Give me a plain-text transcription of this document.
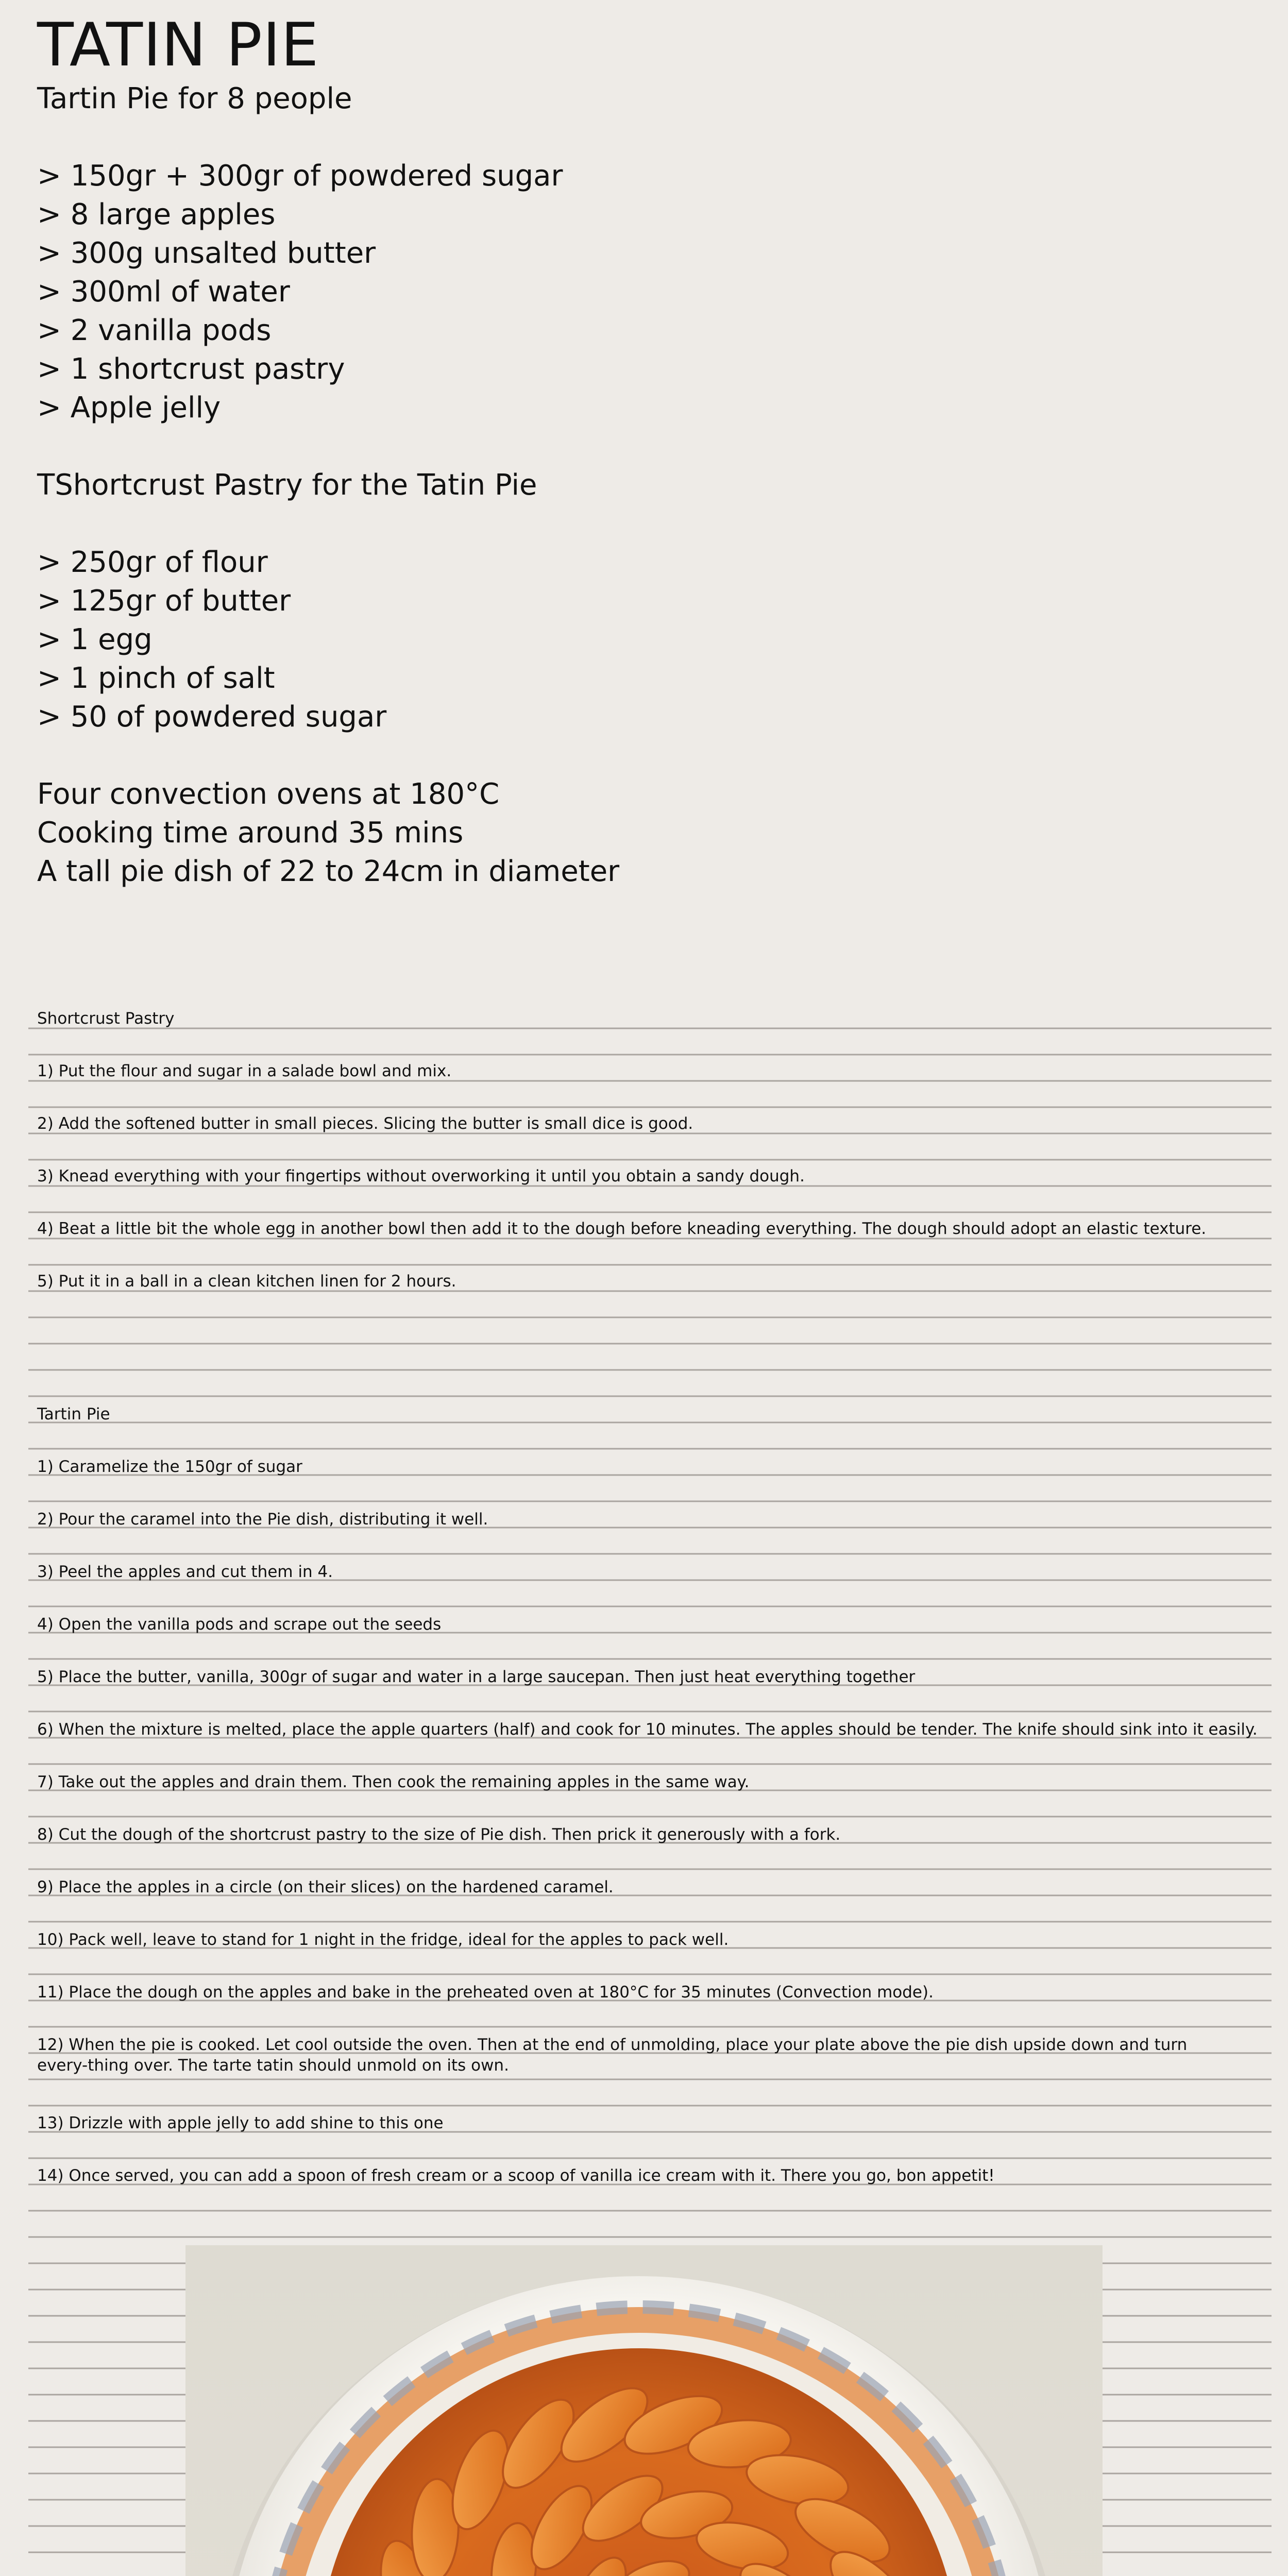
TATIN PIE

Tartin Pie for 8 people

> 150gr + 300gr of powdered sugar

> 8 large apples

> 300g unsalted butter

> 300ml of water

> 2 vanilla pods

> 1 shortcrust pastry

> Apple jelly

TShortcrust Pastry for the Tatin Pie

> 250gr of flour

> 125gr of butter

> 1 egg

> 1 pinch of salt

> 50 of powdered sugar

Four convection ovens at 180°C

Cooking time around 35 mins

A tall pie dish of 22 to 24cm in diameter

Shortcrust Pastry
1) Put the flour and sugar in a salade bowl and mix.
2) Add the softened butter in small pieces. Slicing the butter is small dice is good.
3) Knead everything with your fingertips without overworking it until you obtain a sandy dough.
4) Beat a little bit the whole egg in another bowl then add it to the dough before kneading everything. The dough should adopt an elastic texture.
5) Put it in a ball in a clean kitchen linen for 2 hours.
Tartin Pie
1) Caramelize the 150gr of sugar
2) Pour the caramel into the Pie dish, distributing it well.
3) Peel the apples and cut them in 4.
4) Open the vanilla pods and scrape out the seeds
5) Place the butter, vanilla, 300gr of sugar and water in a large saucepan. Then just heat everything together
6) When the mixture is melted, place the apple quarters (half) and cook for 10 minutes. The apples should be tender. The knife should sink into it easily.
7) Take out the apples and drain them. Then cook the remaining apples in the same way.
8) Cut the dough of the shortcrust pastry to the size of Pie dish. Then prick it generously with a fork.
9) Place the apples in a circle (on their slices) on the hardened caramel.
10) Pack well, leave to stand for 1 night in the fridge, ideal for the apples to pack well.
11) Place the dough on the apples and bake in the preheated oven at 180°C for 35 minutes (Convection mode).
12) When the pie is cooked. Let cool outside the oven. Then at the end of unmolding, place your plate above the pie dish upside down and turn every-thing over. The tarte tatin should unmold on its own.
13) Drizzle with apple jelly to add shine to this one
14) Once served, you can add a spoon of fresh cream or a scoop of vanilla ice cream with it. There you go, bon appetit!
